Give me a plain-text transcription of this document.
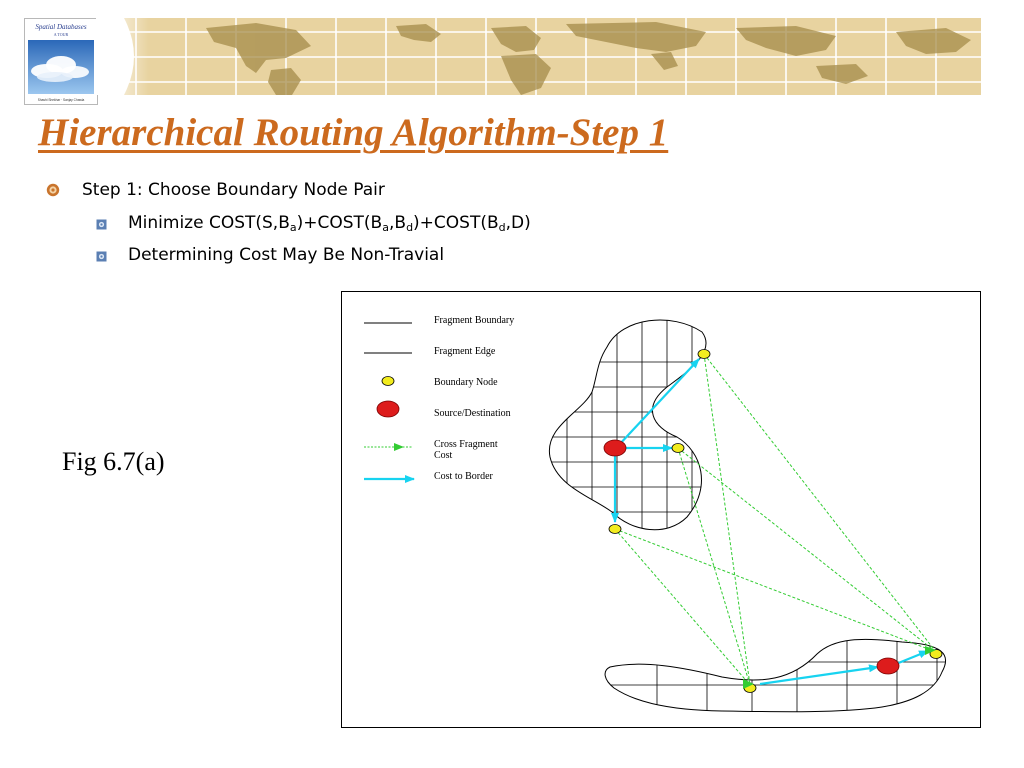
Spatial Databases
A TOUR
Shashi Shekhar · Sanjay Chawla
Hierarchical Routing Algorithm-Step 1
Step 1: Choose Boundary Node Pair
Minimize $COST(S,B_a)+COST(B_a,B_d)+COST(B_d,D)$
Determining Cost May Be Non-Travial
Fig 6.7(a)
Fragment Boundary
Fragment Edge
Boundary Node
Source/Destination
Cross Fragment
Cost
Cost to Border
